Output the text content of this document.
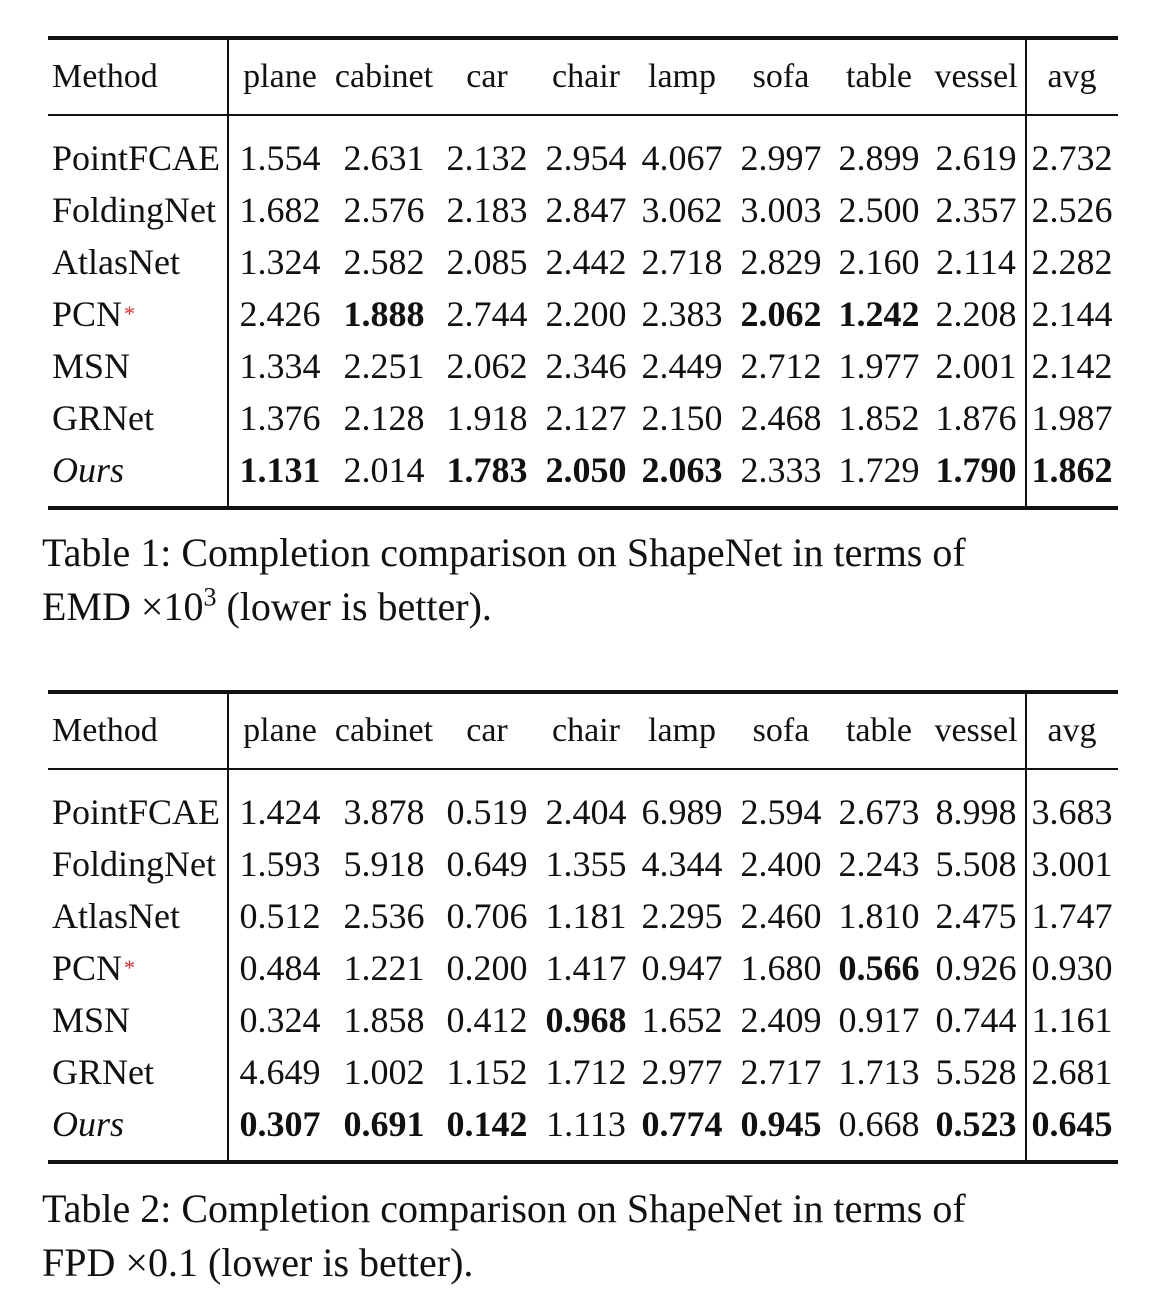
Method	plane cabinet car	chair lamp	sofa	table vessel avg
PointFCAE 1.554 2.631 2.132 2.954 4.067 2.997 2.899 2.619 2.732
FoldingNet 1.682 2.576 2.183 2.847 3.062 3.003 2.500 2.357 2.526
AtlasNet 1.324 2.582 2.085 2.442 2.718 2.829 2.160 2.114 2.282
PCN *	2.426 1.888 2.744 2.200 2.383 2.062 1.242 2.208 2.144
MSN	1.334 2.251 2.062 2.346 2.449 2.712 1.977 2.001 2.142
GRNet 1.376 2.128 1.918 2.127 2.150 2.468 1.852 1.876 1.987
Ours	1.131 2.014 1.783 2.050 2.063 2.333 1.729 1.790 1.862
Table 1: Completion comparison on ShapeNet in terms of
EMD $\times 10^3$ (lower is better).
Method	plane cabinet car	chair lamp	sofa	table vessel avg
PointFCAE 1.424 3.878 0.519 2.404 6.989 2.594 2.673 8.998 3.683
FoldingNet 1.593 5.918 0.649 1.355 4.344 2.400 2.243 5.508 3.001
AtlasNet 0.512 2.536 0.706 1.181 2.295 2.460 1.810 2.475 1.747
PCN *	0.484 1.221 0.200 1.417 0.947 1.680 0.566 0.926 0.930
MSN	0.324 1.858 0.412 0.968 1.652 2.409 0.917 0.744 1.161
GRNet 4.649 1.002 1.152 1.712 2.977 2.717 1.713 5.528 2.681
Ours	0.307 0.691 0.142 1.113 0.774 0.945 0.668 0.523 0.645
Table 2: Completion comparison on ShapeNet in terms of
FPD ×0.1 (lower is better).
